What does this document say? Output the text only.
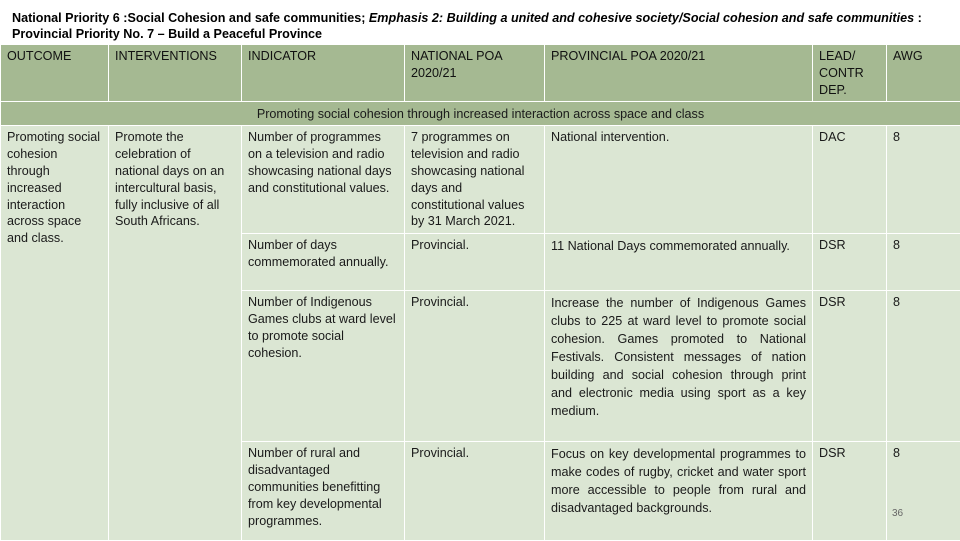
National Priority 6 :Social Cohesion and safe communities; Emphasis 2: Building a united and cohesive society/Social cohesion and safe communities : Provincial Priority No. 7 – Build a Peaceful Province
OUTCOME	INTERVENTIONS	INDICATOR	NATIONAL POA 2020/21	PROVINCIAL POA 2020/21	LEAD/ CONTR DEP.	AWG
Promoting social cohesion through increased interaction across space and class						
Promoting social cohesion through increased interaction across space and class.	Promote the celebration of national days on an intercultural basis, fully inclusive of all South Africans.	Number of programmes on a television and radio showcasing national days and constitutional values.	7 programmes on television and radio showcasing national days and constitutional values by 31 March 2021.	National intervention.	DAC	8
		Number of days commemorated annually.	Provincial.	11 National Days commemorated annually.	DSR	8
		Number of Indigenous Games clubs at ward level to promote social cohesion.	Provincial.	Increase the number of Indigenous Games clubs to 225 at ward level to promote social cohesion. Games promoted to National Festivals. Consistent messages of nation building and social cohesion through print and electronic media using sport as a key medium.	DSR	8
		Number of rural and disadvantaged communities benefitting from key developmental programmes.	Provincial.	Focus on key developmental programmes to make codes of rugby, cricket and water sport more accessible to people from rural and disadvantaged backgrounds.	DSR	8
36
